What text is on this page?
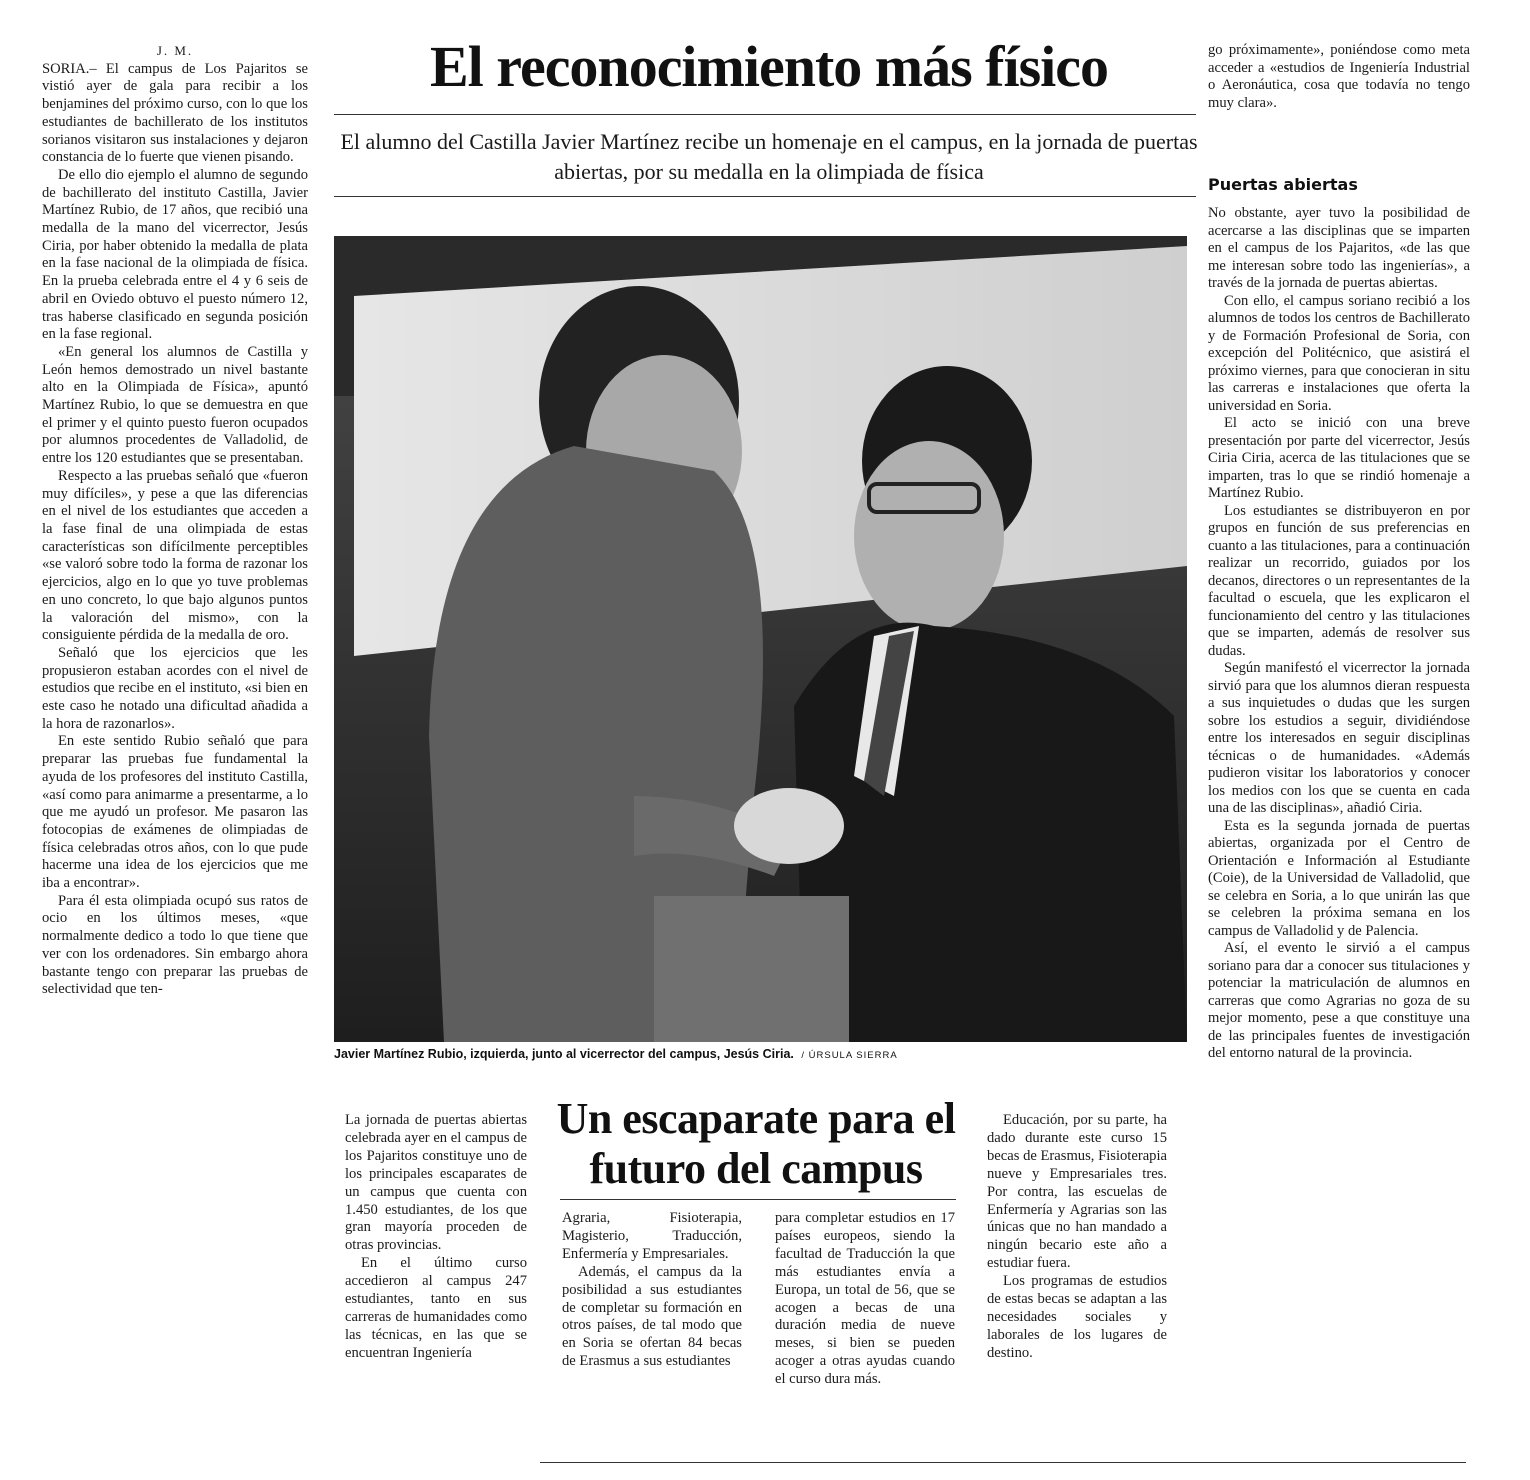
J. M.

SORIA.– El campus de Los Pajaritos se vistió ayer de gala para recibir a los benjamines del próximo curso, con lo que los estudiantes de bachillerato de los institutos sorianos visitaron sus instalaciones y dejaron constancia de lo fuerte que vienen pisando.

De ello dio ejemplo el alumno de segundo de bachillerato del instituto Castilla, Javier Martínez Rubio, de 17 años, que recibió una medalla de la mano del vicerrector, Jesús Ciria, por haber obtenido la medalla de plata en la fase nacional de la olimpiada de física. En la prueba celebrada entre el 4 y 6 seis de abril en Oviedo obtuvo el puesto número 12, tras haberse clasificado en segunda posición en la fase regional.

«En general los alumnos de Castilla y León hemos demostrado un nivel bastante alto en la Olimpiada de Física», apuntó Martínez Rubio, lo que se demuestra en que el primer y el quinto puesto fueron ocupados por alumnos procedentes de Valladolid, de entre los 120 estudiantes que se presentaban.

Respecto a las pruebas señaló que «fueron muy difíciles», y pese a que las diferencias en el nivel de los estudiantes que acceden a la fase final de una olimpiada de estas características son difícilmente perceptibles «se valoró sobre todo la forma de razonar los ejercicios, algo en lo que yo tuve problemas en uno concreto, lo que bajo algunos puntos la valoración del mismo», con la consiguiente pérdida de la medalla de oro.

Señaló que los ejercicios que les propusieron estaban acordes con el nivel de estudios que recibe en el instituto, «si bien en este caso he notado una dificultad añadida a la hora de razonarlos».

En este sentido Rubio señaló que para preparar las pruebas fue fundamental la ayuda de los profesores del instituto Castilla, «así como para animarme a presentarme, a lo que me ayudó un profesor. Me pasaron las fotocopias de exámenes de olimpiadas de física celebradas otros años, con lo que pude hacerme una idea de los ejercicios que me iba a encontrar».

Para él esta olimpiada ocupó sus ratos de ocio en los últimos meses, «que normalmente dedico a todo lo que tiene que ver con los ordenadores. Sin embargo ahora bastante tengo con preparar las pruebas de selectividad que ten-

El reconocimiento más físico

El alumno del Castilla Javier Martínez recibe un homenaje en el campus, en la jornada de puertas abiertas, por su medalla en la olimpiada de física

Javier Martínez Rubio, izquierda, junto al vicerrector del campus, Jesús Ciria. / ÚRSULA SIERRA

go próximamente», poniéndose como meta acceder a «estudios de Ingeniería Industrial o Aeronáutica, cosa que todavía no tengo muy clara».

Puertas abiertas

No obstante, ayer tuvo la posibilidad de acercarse a las disciplinas que se imparten en el campus de los Pajaritos, «de las que me interesan sobre todo las ingenierías», a través de la jornada de puertas abiertas.

Con ello, el campus soriano recibió a los alumnos de todos los centros de Bachillerato y de Formación Profesional de Soria, con excepción del Politécnico, que asistirá el próximo viernes, para que conocieran in situ las carreras e instalaciones que oferta la universidad en Soria.

El acto se inició con una breve presentación por parte del vicerrector, Jesús Ciria Ciria, acerca de las titulaciones que se imparten, tras lo que se rindió homenaje a Martínez Rubio.

Los estudiantes se distribuyeron en por grupos en función de sus preferencias en cuanto a las titulaciones, para a continuación realizar un recorrido, guiados por los decanos, directores o un representantes de la facultad o escuela, que les explicaron el funcionamiento del centro y las titulaciones que se imparten, además de resolver sus dudas.

Según manifestó el vicerrector la jornada sirvió para que los alumnos dieran respuesta a sus inquietudes o dudas que les surgen sobre los estudios a seguir, dividiéndose entre los interesados en seguir disciplinas técnicas o de humanidades. «Además pudieron visitar los laboratorios y conocer los medios con los que se cuenta en cada una de las disciplinas», añadió Ciria.

Esta es la segunda jornada de puertas abiertas, organizada por el Centro de Orientación e Información al Estudiante (Coie), de la Universidad de Valladolid, que se celebra en Soria, a lo que unirán las que se celebren la próxima semana en los campus de Valladolid y de Palencia.

Así, el evento le sirvió a el campus soriano para dar a conocer sus titulaciones y potenciar la matriculación de alumnos en carreras que como Agrarias no goza de su mejor momento, pese a que constituye una de las principales fuentes de investigación del entorno natural de la provincia.

La jornada de puertas abiertas celebrada ayer en el campus de los Pajaritos constituye uno de los principales escaparates de un campus que cuenta con 1.450 estudiantes, de los que gran mayoría proceden de otras provincias.

En el último curso accedieron al campus 247 estudiantes, tanto en sus carreras de humanidades como las técnicas, en las que se encuentran Ingeniería

Un escaparate para el futuro del campus

Agraria, Fisioterapia, Magisterio, Traducción, Enfermería y Empresariales.

Además, el campus da la posibilidad a sus estudiantes de completar su formación en otros países, de tal modo que en Soria se ofertan 84 becas de Erasmus a sus estudiantes

para completar estudios en 17 países europeos, siendo la facultad de Traducción la que más estudiantes envía a Europa, un total de 56, que se acogen a becas de una duración media de nueve meses, si bien se pueden acoger a otras ayudas cuando el curso dura más.

Educación, por su parte, ha dado durante este curso 15 becas de Erasmus, Fisioterapia nueve y Empresariales tres. Por contra, las escuelas de Enfermería y Agrarias son las únicas que no han mandado a ningún becario este año a estudiar fuera.

Los programas de estudios de estas becas se adaptan a las necesidades sociales y laborales de los lugares de destino.
